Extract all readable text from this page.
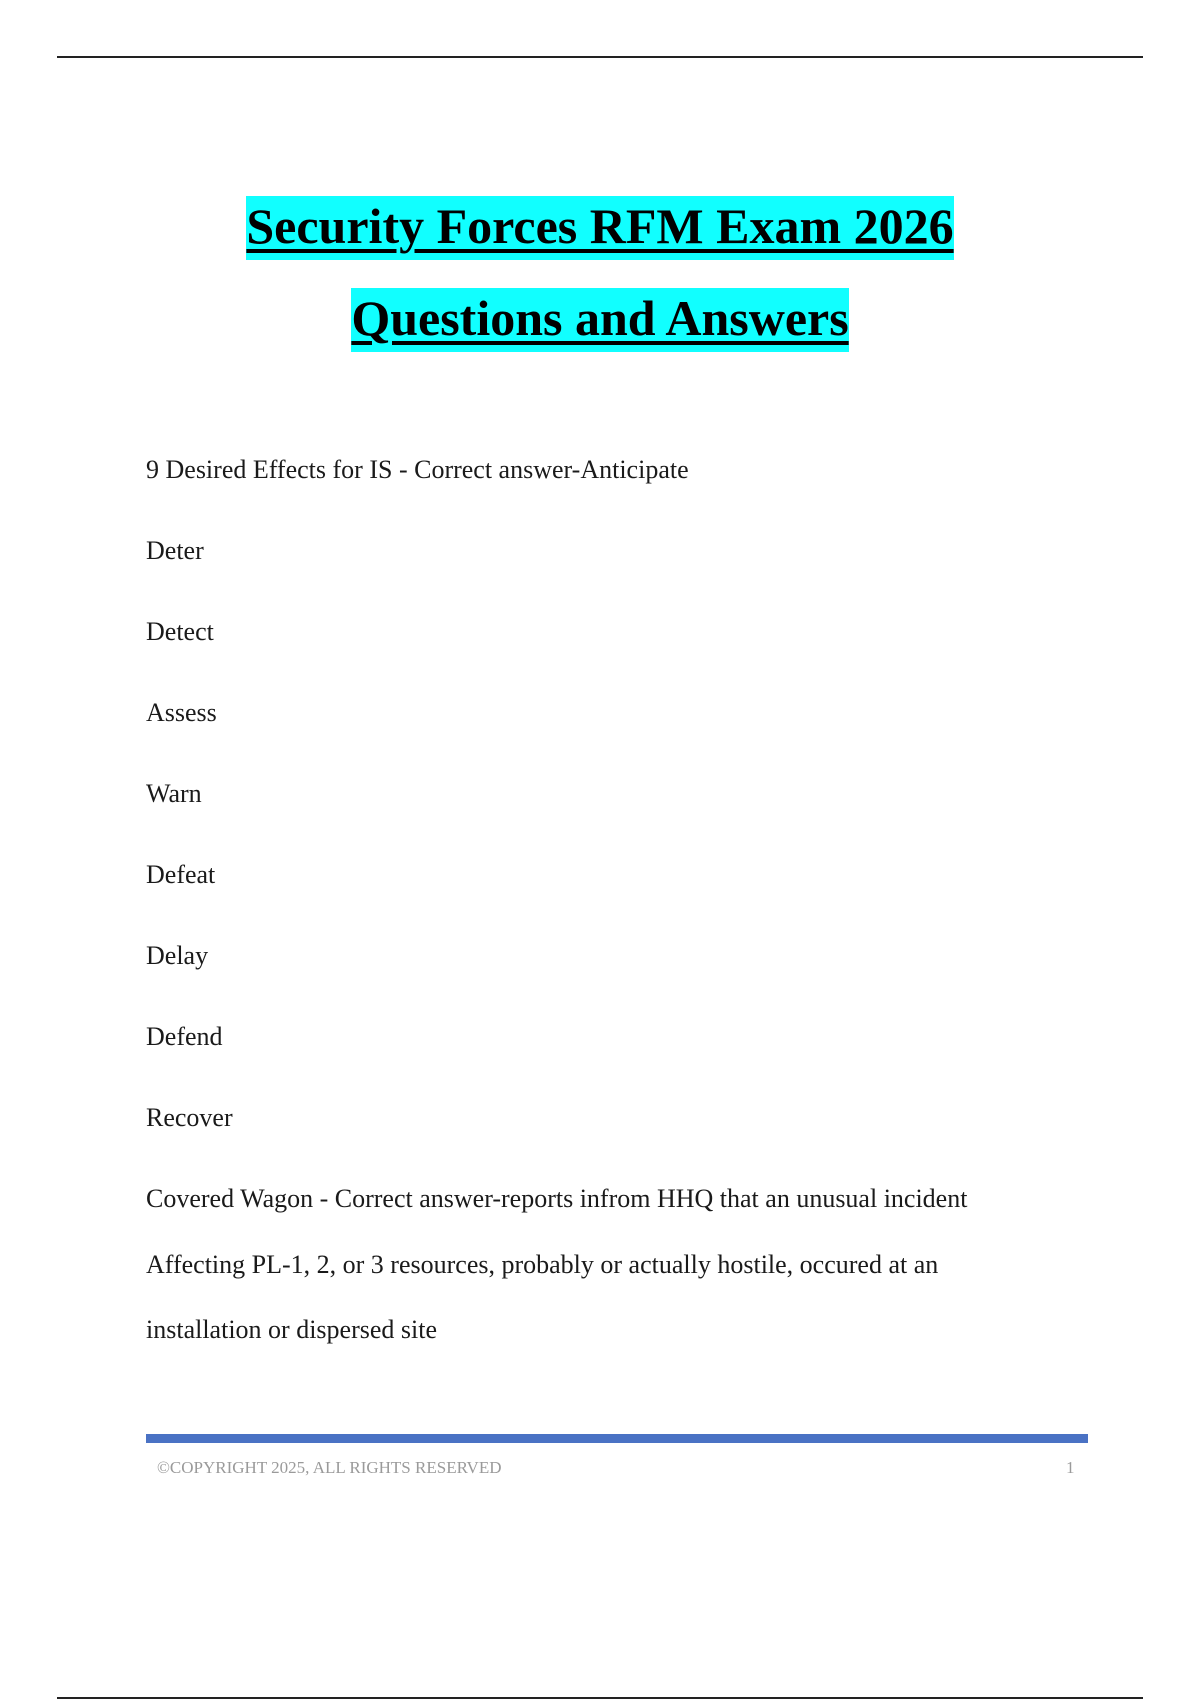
Security Forces RFM Exam 2026
Questions and Answers
9 Desired Effects for IS - Correct answer-Anticipate
Deter
Detect
Assess
Warn
Defeat
Delay
Defend
Recover
Covered Wagon - Correct answer-reports infrom HHQ that an unusual incident
Affecting PL-1, 2, or 3 resources, probably or actually hostile, occured at an
installation or dispersed site
©COPYRIGHT 2025, ALL RIGHTS RESERVED	1
